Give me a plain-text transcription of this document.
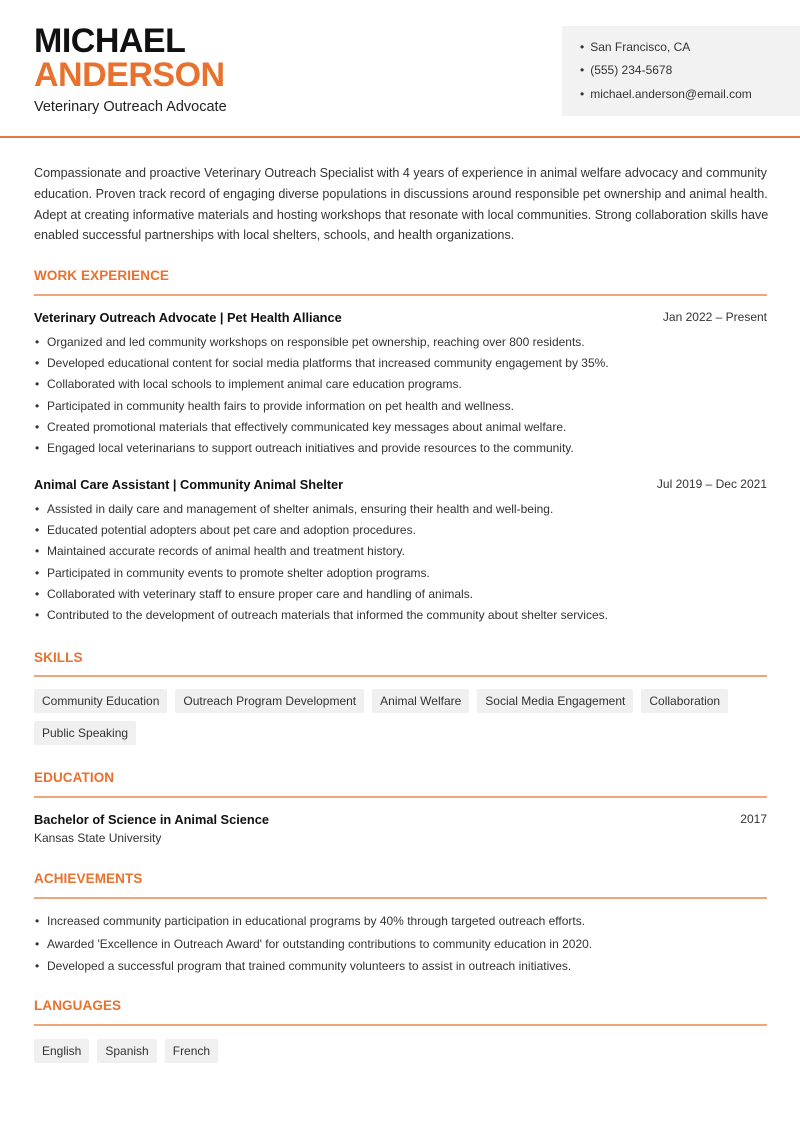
MICHAEL
ANDERSON
Veterinary Outreach Advocate
• San Francisco, CA
• (555) 234-5678
• michael.anderson@email.com
Compassionate and proactive Veterinary Outreach Specialist with 4 years of experience in animal welfare advocacy and community education. Proven track record of engaging diverse populations in discussions around responsible pet ownership and animal health. Adept at creating informative materials and hosting workshops that resonate with local communities. Strong collaboration skills have enabled successful partnerships with local shelters, schools, and health organizations.
WORK EXPERIENCE
Veterinary Outreach Advocate | Pet Health Alliance	Jan 2022 – Present
• Organized and led community workshops on responsible pet ownership, reaching over 800 residents.
• Developed educational content for social media platforms that increased community engagement by 35%.
• Collaborated with local schools to implement animal care education programs.
• Participated in community health fairs to provide information on pet health and wellness.
• Created promotional materials that effectively communicated key messages about animal welfare.
• Engaged local veterinarians to support outreach initiatives and provide resources to the community.
Animal Care Assistant | Community Animal Shelter	Jul 2019 – Dec 2021
• Assisted in daily care and management of shelter animals, ensuring their health and well-being.
• Educated potential adopters about pet care and adoption procedures.
• Maintained accurate records of animal health and treatment history.
• Participated in community events to promote shelter adoption programs.
• Collaborated with veterinary staff to ensure proper care and handling of animals.
• Contributed to the development of outreach materials that informed the community about shelter services.
SKILLS
Community Education	Outreach Program Development	Animal Welfare	Social Media Engagement	Collaboration
Public Speaking
EDUCATION
Bachelor of Science in Animal Science
Kansas State University
2017
ACHIEVEMENTS
• Increased community participation in educational programs by 40% through targeted outreach efforts.
• Awarded 'Excellence in Outreach Award' for outstanding contributions to community education in 2020.
• Developed a successful program that trained community volunteers to assist in outreach initiatives.
LANGUAGES
English	Spanish	French
